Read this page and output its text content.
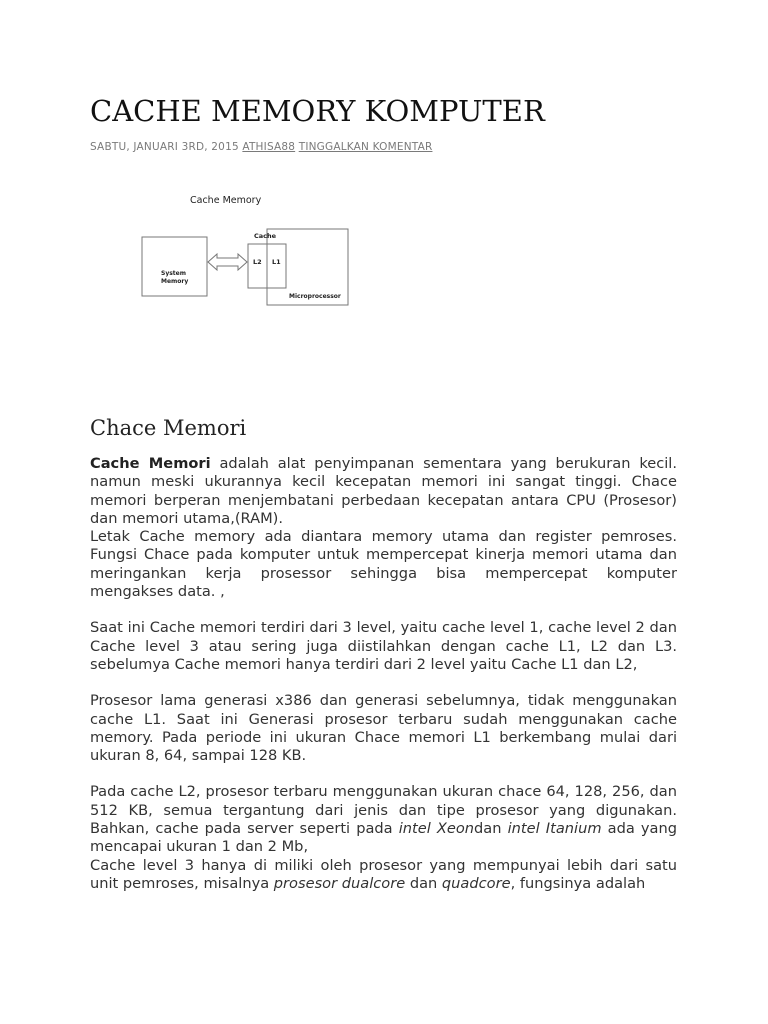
CACHE MEMORY KOMPUTER
SABTU, JANUARI 3RD, 2015 ATHISA88 TINGGALKAN KOMENTAR
Cache Memory
System
Memory
Microprocessor
Cache
L2 L1
Chace Memori

Cache Memori adalah alat penyimpanan sementara yang berukuran kecil. namun meski ukurannya kecil kecepatan memori ini sangat tinggi. Chace memori berperan menjembatani perbedaan kecepatan antara CPU (Prosesor) dan memori utama,(RAM).

Letak Cache memory ada diantara memory utama dan register pemroses. Fungsi Chace pada komputer untuk mempercepat kinerja memori utama dan meringankan kerja prosessor sehingga bisa mempercepat komputer mengakses data. ,

Saat ini Cache memori terdiri dari 3 level, yaitu cache level 1, cache level 2 dan Cache level 3 atau sering juga diistilahkan dengan cache L1, L2 dan L3. sebelumya Cache memori hanya terdiri dari 2 level yaitu Cache L1 dan L2,

Prosesor lama generasi x386 dan generasi sebelumnya, tidak menggunakan cache L1. Saat ini Generasi prosesor terbaru sudah menggunakan cache memory. Pada periode ini ukuran Chace memori L1 berkembang mulai dari ukuran 8, 64, sampai 128 KB.

Pada cache L2, prosesor terbaru menggunakan ukuran chace 64, 128, 256, dan 512 KB, semua tergantung dari jenis dan tipe prosesor yang digunakan. Bahkan, cache pada server seperti pada intel Xeondan intel Itanium ada yang mencapai ukuran 1 dan 2 Mb,

Cache level 3 hanya di miliki oleh prosesor yang mempunyai lebih dari satu unit pemroses, misalnya prosesor dualcore dan quadcore, fungsinya adalah
